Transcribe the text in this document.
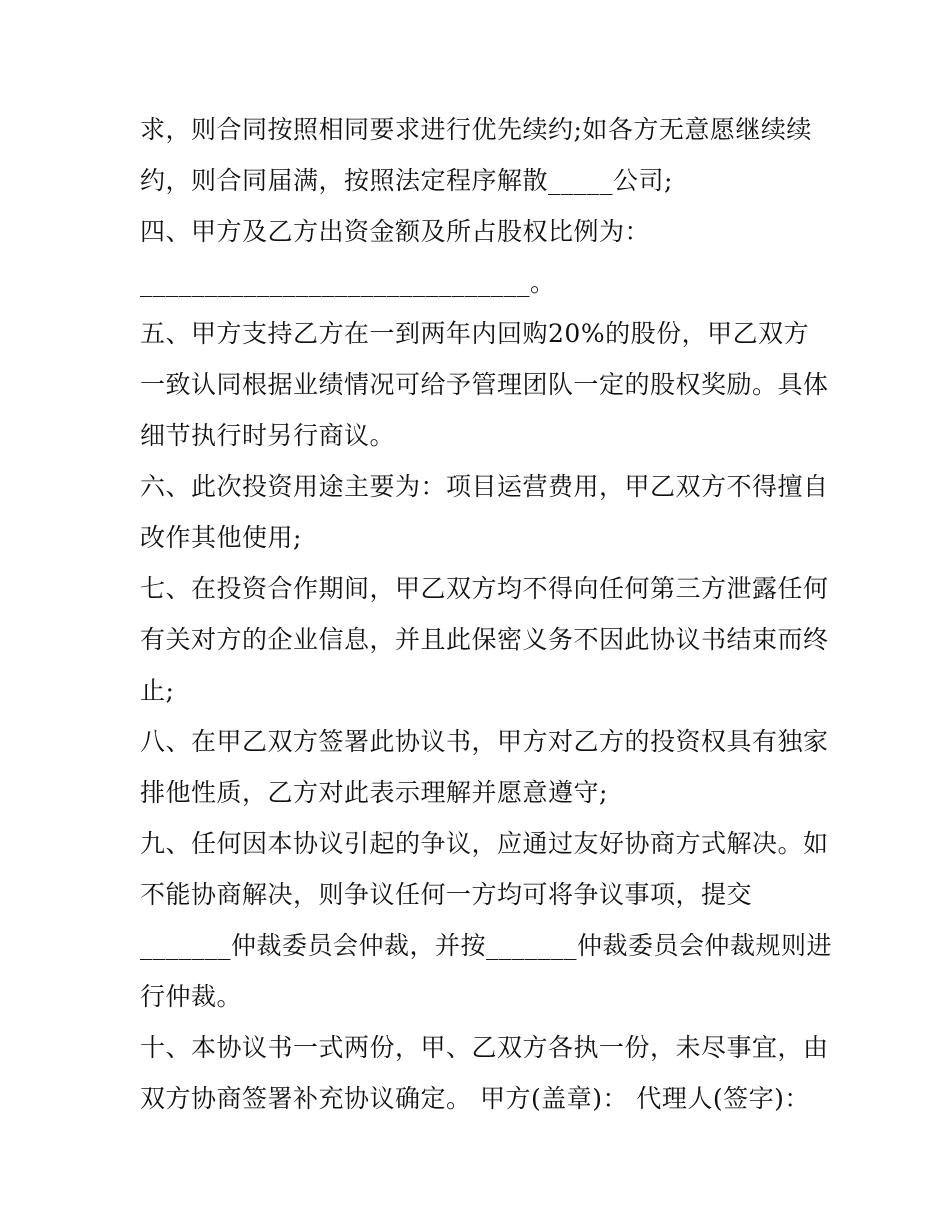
求，则合同按照相同要求进行优先续约;如各方无意愿继续续
约，则合同届满，按照法定程序解散_____公司;
四、甲方及乙方出资金额及所占股权比例为：
______________________________。
五、甲方支持乙方在一到两年内回购20%的股份，甲乙双方
一致认同根据业绩情况可给予管理团队一定的股权奖励。具体
细节执行时另行商议。
六、此次投资用途主要为：项目运营费用，甲乙双方不得擅自
改作其他使用;
七、在投资合作期间，甲乙双方均不得向任何第三方泄露任何
有关对方的企业信息，并且此保密义务不因此协议书结束而终
止;
八、在甲乙双方签署此协议书，甲方对乙方的投资权具有独家
排他性质，乙方对此表示理解并愿意遵守;
九、任何因本协议引起的争议，应通过友好协商方式解决。如
不能协商解决，则争议任何一方均可将争议事项，提交
_______仲裁委员会仲裁，并按_______仲裁委员会仲裁规则进
行仲裁。
十、本协议书一式两份，甲、乙双方各执一份，未尽事宜，由
双方协商签署补充协议确定。 甲方(盖章)： 代理人(签字)：
